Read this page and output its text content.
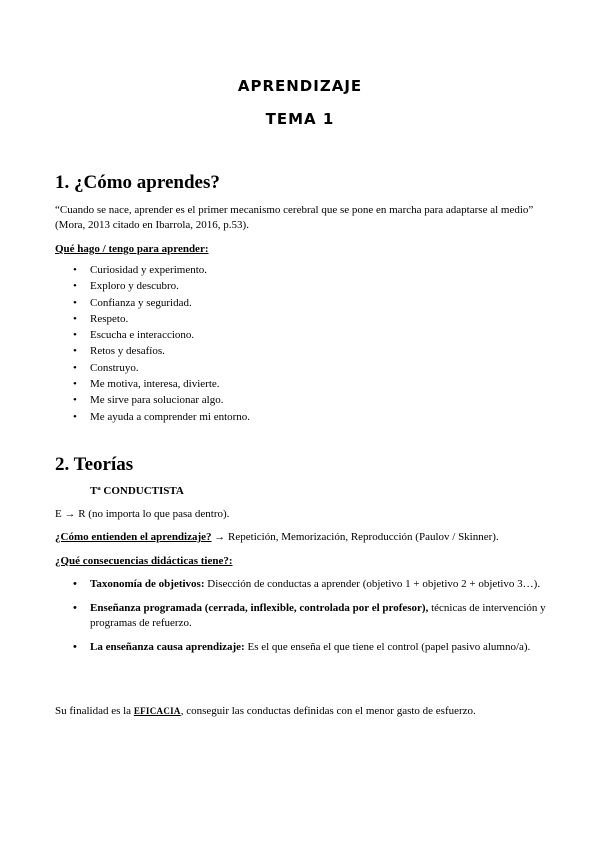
APRENDIZAJE
TEMA 1
1. ¿Cómo aprendes?
“Cuando se nace, aprender es el primer mecanismo cerebral que se pone en marcha para adaptarse al medio” (Mora, 2013 citado en Ibarrola, 2016, p.53).
Qué hago / tengo para aprender:
• Curiosidad y experimento.
• Exploro y descubro.
• Confianza y seguridad.
• Respeto.
• Escucha e interacciono.
• Retos y desafíos.
• Construyo.
• Me motiva, interesa, divierte.
• Me sirve para solucionar algo.
• Me ayuda a comprender mi entorno.
2. Teorías
Tª CONDUCTISTA
E → R (no importa lo que pasa dentro).
¿Cómo entienden el aprendizaje? → Repetición, Memorización, Reproducción (Paulov / Skinner).
¿Qué consecuencias didácticas tiene?:
• Taxonomía de objetivos: Disección de conductas a aprender (objetivo 1 + objetivo 2 + objetivo 3…).
• Enseñanza programada (cerrada, inflexible, controlada por el profesor), técnicas de intervención y programas de refuerzo.
• La enseñanza causa aprendizaje: Es el que enseña el que tiene el control (papel pasivo alumno/a).
Su finalidad es la EFICACIA, conseguir las conductas definidas con el menor gasto de esfuerzo.
